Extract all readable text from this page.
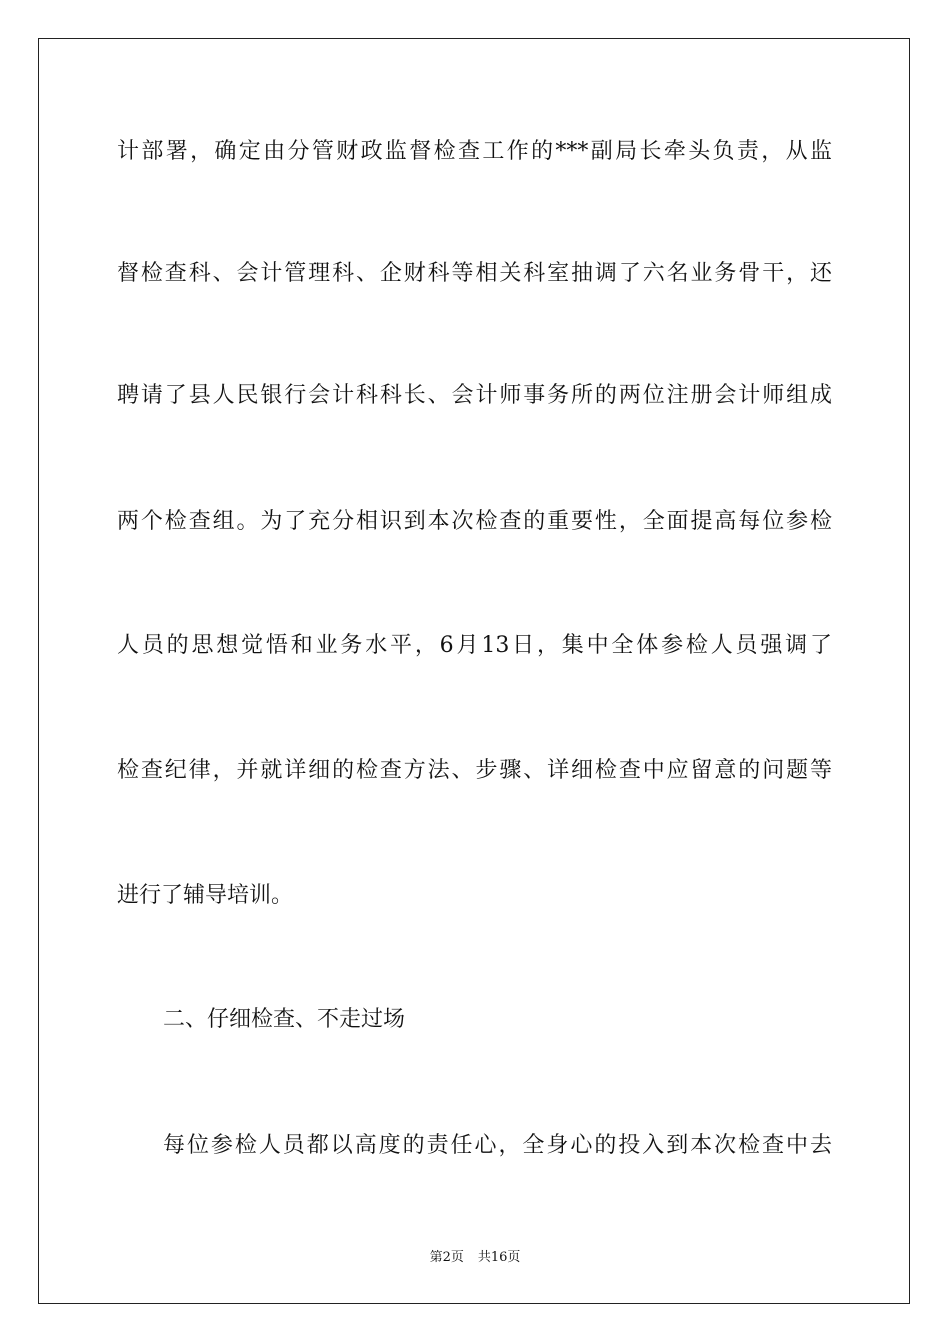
计部署，确定由分管财政监督检查工作的***副局长牵头负责，从监
督检查科、会计管理科、企财科等相关科室抽调了六名业务骨干，还
聘请了县人民银行会计科科长、会计师事务所的两位注册会计师组成
两个检查组。为了充分相识到本次检查的重要性，全面提高每位参检
人员的思想觉悟和业务水平，6月13日，集中全体参检人员强调了
检查纪律，并就详细的检查方法、步骤、详细检查中应留意的问题等
进行了辅导培训。
二、仔细检查、不走过场
每位参检人员都以高度的责任心，全身心的投入到本次检查中去
第2页 共16页
